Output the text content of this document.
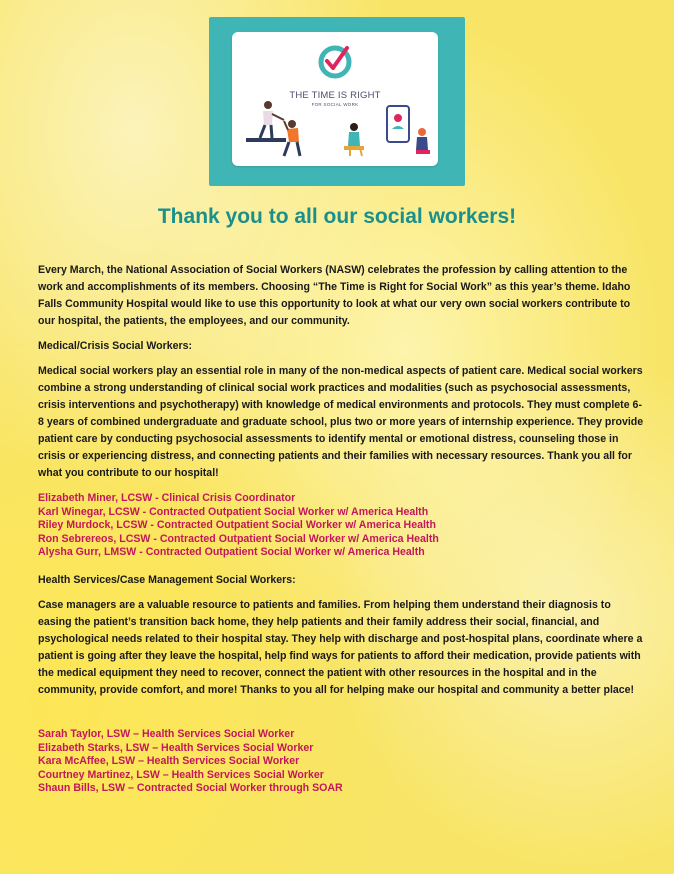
THE TIME IS RIGHT
FOR SOCIAL WORK
Thank you to all our social workers!

Every March, the National Association of Social Workers (NASW) celebrates the profession by calling attention to the work and accomplishments of its members. Choosing “The Time is Right for Social Work” as this year’s theme. Idaho Falls Community Hospital would like to use this opportunity to look at what our very own social workers contribute to our hospital, the patients, the employees, and our community.

Medical/Crisis Social Workers:

Medical social workers play an essential role in many of the non-medical aspects of patient care. Medical social workers combine a strong understanding of clinical social work practices and modalities (such as psychosocial assessments, crisis interventions and psychotherapy) with knowledge of medical environments and protocols. They must complete 6-8 years of combined undergraduate and graduate school, plus two or more years of internship experience. They provide patient care by conducting psychosocial assessments to identify mental or emotional distress, counseling those in crisis or experiencing distress, and connecting patients and their families with necessary resources. Thank you all for what you contribute to our hospital!

Elizabeth Miner, LCSW - Clinical Crisis Coordinator
Karl Winegar, LCSW - Contracted Outpatient Social Worker w/ America Health
Riley Murdock, LCSW - Contracted Outpatient Social Worker w/ America Health
Ron Sebrereos, LCSW - Contracted Outpatient Social Worker w/ America Health
Alysha Gurr, LMSW - Contracted Outpatient Social Worker w/ America Health

Health Services/Case Management Social Workers:

Case managers are a valuable resource to patients and families. From helping them understand their diagnosis to easing the patient’s transition back home, they help patients and their family address their social, financial, and psychological needs related to their hospital stay. They help with discharge and post-hospital plans, coordinate where a patient is going after they leave the hospital, help find ways for patients to afford their medication, provide patients with the medical equipment they need to recover, connect the patient with other resources in the hospital and in the community, provide comfort, and more! Thanks to you all for helping make our hospital and community a better place!

Sarah Taylor, LSW – Health Services Social Worker
Elizabeth Starks, LSW – Health Services Social Worker
Kara McAffee, LSW – Health Services Social Worker
Courtney Martinez, LSW – Health Services Social Worker
Shaun Bills, LSW – Contracted Social Worker through SOAR
